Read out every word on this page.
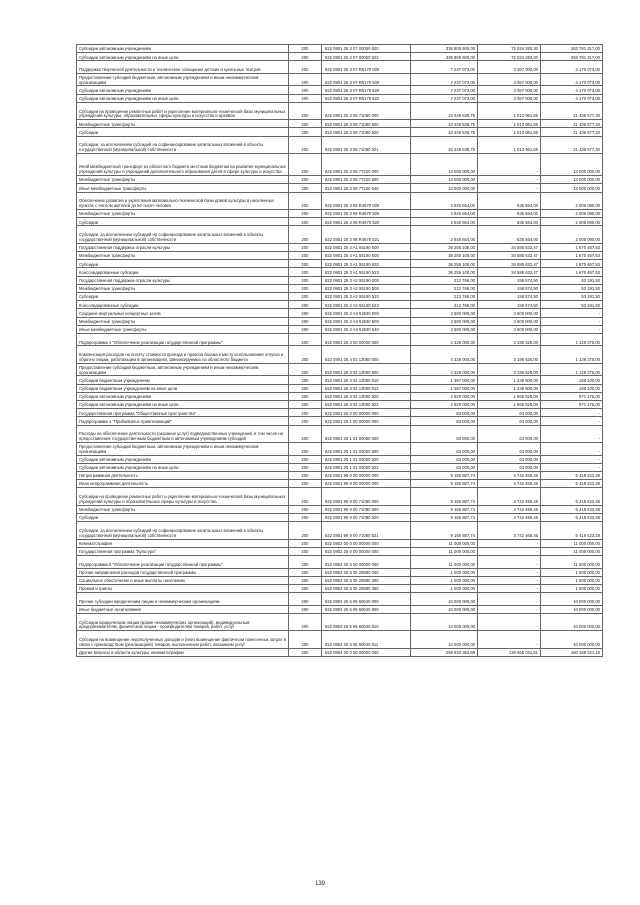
Субсидии автономным учреждениям	200	822 0801 25 3 07 00050 620	336 805 600,00	72 024 283,30	263 781 317,00
Субсидии автономным учреждениям на иные цели	200	822 0801 25 3 07 00050 622	336 805 600,00	72 024 283,30	263 781 317,00
Поддержка творческой деятельности и техническое оснащение детских и кукольных театров	200	822 0801 25 3 07 R5170 000	7 237 073,00	3 067 000,00	4 170 073,00
Предоставление субсидий бюджетным, автономным учреждениям и иным некоммерческим организациям	200	822 0801 25 3 07 R5170 600	7 237 073,00	3 067 000,00	4 170 073,00
Субсидии автономным учреждениям	200	822 0801 25 3 07 R5170 620	7 237 073,00	3 067 000,00	4 170 073,00
Субсидии автономным учреждениям на иные цели	200	822 0801 25 3 07 R5170 622	7 237 073,00	3 067 000,00	4 170 073,00
Субсидии на проведение ремонтных работ и укрепление материально-технической базы муниципальных учреждений культуры, образовательных сферы культуры и искусства и архивов	200	822 0801 25 3 08 71080 000	22 449 538,75	1 013 961,55	21 435 577,20
Межбюджетные трансферты	200	822 0801 25 3 08 71080 500	22 449 538,75	1 013 961,55	21 435 577,20
Субсидии	200	822 0801 25 3 08 71080 520	22 449 538,75	1 013 961,55	21 435 577,20
Субсидии, за исключением субсидий на софинансирование капитальных вложений в объекты государственной (муниципальной) собственности	200	822 0801 25 3 08 71080 521	22 449 538,75	1 013 961,55	21 435 577,20
Иной межбюджетный трансферт из областного бюджета местным бюджетам на развитие муниципальных учреждений культуры и учреждений дополнительного образования детей в сфере культуры и искусства	200	822 0801 25 3 08 77220 000	13 000 000,00	-	13 000 000,00
Межбюджетные трансферты	200	822 0801 25 3 08 77220 500	13 000 000,00	-	13 000 000,00
Иные межбюджетные трансферты	200	822 0801 25 3 08 77220 540	13 000 000,00	-	13 000 000,00
Обеспечение развития и укрепления материально-технической базы домов культуры в населенных пунктах с числом жителей до 50 тысяч человек	200	822 0801 25 3 08 R4670 000	2 640 654,00	635 564,00	2 005 090,00
Межбюджетные трансферты	200	822 0801 25 3 08 R4670 500	2 640 654,00	635 564,00	2 005 090,00
Субсидии	200	822 0801 25 3 08 R4670 520	2 640 654,00	635 564,00	2 005 090,00
Субсидии, за исключением субсидий на софинансирование капитальных вложений в объекты государственной (муниципальной) собственности	200	822 0801 25 3 08 R4670 521	2 640 654,00	635 564,00	2 005 090,00
Государственная поддержка отрасли культуры	200	822 0801 25 3 A1 55190 000	36 255 100,00	34 585 632,47	1 670 467,53
Межбюджетные трансферты	200	822 0801 25 3 A1 55190 500	36 255 100,00	34 585 632,47	1 670 467,53
Субсидии	200	822 0801 25 3 A1 55190 520	36 255 100,00	34 585 632,47	1 670 467,53
Консолидированные субсидии	200	822 0801 25 3 A1 55190 523	36 255 100,00	34 585 632,47	1 670 467,53
Государственная поддержка отрасли культуры	200	822 0801 25 3 A2 55190 000	212 766,00	159 574,50	53 191,50
Межбюджетные трансферты	200	822 0801 25 3 A2 55190 500	212 766,00	159 574,50	53 191,50
Субсидии	200	822 0801 25 3 A2 55190 520	212 766,00	159 574,50	53 191,50
Консолидированные субсидии	200	822 0801 25 3 A2 55190 523	212 766,00	159 574,50	53 191,50
Создание виртуальных концертных залов	200	822 0801 25 3 A3 54530 000	3 500 000,00	3 500 000,00	-
Межбюджетные трансферты	200	822 0801 25 3 A3 54530 500	3 500 000,00	3 500 000,00	-
Иные межбюджетные трансферты	200	822 0801 25 3 A3 54530 540	3 500 000,00	3 500 000,00	-
Подпрограмма 4 "Обеспечение реализации государственной программы"	200	822 0801 25 4 00 00000 000	4 326 000,00	3 196 625,00	1 129 375,00
Компенсация расходов на оплату стоимости проезда и провоза багажа к месту использования отпуска и обратно лицам, работающим в организациях, финансируемых из областного бюджета	200	822 0801 25 4 01 13060 000	4 326 000,00	3 196 625,00	1 129 375,00
Предоставление субсидий бюджетным, автономным учреждениям и иным некоммерческим организациям	200	822 0801 25 4 01 13060 600	4 326 000,00	3 196 625,00	1 129 375,00
Субсидии бюджетным учреждениям	200	822 0801 25 4 01 13060 610	1 397 000,00	1 239 800,00	158 200,00
Субсидии бюджетным учреждениям на иные цели	200	822 0801 25 4 01 13060 612	1 397 000,00	1 239 800,00	158 200,00
Субсидии автономным учреждениям	200	822 0801 25 4 01 13060 620	2 929 000,00	1 956 825,00	971 175,00
Субсидии автономным учреждениям на иные цели	200	822 0801 25 4 01 13060 622	2 929 000,00	1 956 825,00	971 175,00
Государственная программа "Общественные пространства"	200	822 0801 26 0 00 00000 000	63 000,00	63 000,00	-
Подпрограмма 1 "Прибайкалье привлекающий"	200	822 0801 26 1 00 00000 000	63 000,00	63 000,00	-
Расходы на обеспечение деятельности (оказание услуг) подведомственных учреждений, в том числе на предоставление государственным бюджетным и автономным учреждениям субсидий	200	822 0801 26 1 01 00050 000	63 000,00	63 000,00	-
Предоставление субсидий бюджетным, автономным учреждениям и иным некоммерческим организациям	200	822 0801 26 1 01 00050 600	63 000,00	63 000,00	-
Субсидии автономным учреждениям	200	822 0801 26 1 01 00050 620	63 000,00	63 000,00	-
Субсидии автономным учреждениям на иные цели	200	822 0801 26 1 01 00050 622	63 000,00	63 000,00	-
Непрограммная деятельность	200	822 0801 99 0 00 00000 000	9 160 887,74	3 742 465,46	5 418 422,28
Иная непрограммная деятельность	200	822 0801 99 9 00 00000 000	9 160 887,74	3 742 465,46	5 418 422,28
Субсидии на проведение ремонтных работ и укрепление материально-технической базы муниципальных учреждений культуры и образовательных сферы культуры и искусства	200	822 0801 99 9 00 71080 000	9 160 887,74	3 742 465,46	5 418 422,28
Межбюджетные трансферты	200	822 0801 99 9 00 71080 500	9 160 887,74	3 742 465,46	5 418 422,28
Субсидии	200	822 0801 99 9 00 71080 520	9 160 887,74	3 742 465,46	5 418 422,28
Субсидии, за исключением субсидий на софинансирование капитальных вложений в объекты государственной (муниципальной) собственности	200	822 0801 99 9 00 71080 521	9 160 887,74	3 742 465,46	5 418 422,28
Кинематография	200	822 0802 00 0 00 00000 000	11 000 000,00	-	11 000 000,00
Государственная программа "Культура"	200	822 0802 25 0 00 00000 000	11 000 000,00	-	11 000 000,00
Подпрограмма 5 "Обеспечение реализации государственной программы"	200	822 0802 25 5 00 00000 000	11 000 000,00	-	11 000 000,00
Прочие направления расходов государственной программы	200	822 0802 25 5 05 29990 000	1 000 000,00	-	1 000 000,00
Социальное обеспечение и иные выплаты населению	200	822 0802 25 5 05 29990 300	1 000 000,00	-	1 000 000,00
Премии и гранты	200	822 0802 25 5 05 29990 350	1 000 000,00	-	1 000 000,00
Прочие субсидии юридическим лицам и некоммерческим организациям	200	822 0802 25 5 05 60040 000	10 000 000,00	-	10 000 000,00
Иные бюджетные ассигнования	200	822 0802 25 5 05 60040 800	10 000 000,00	-	10 000 000,00
Субсидии юридическим лицам (кроме некоммерческих организаций), индивидуальным предпринимателям, физическим лицам - производителям товаров, работ, услуг	200	822 0802 25 5 05 60040 810	10 000 000,00	-	10 000 000,00
Субсидии на возмещение недополученных доходов и (или) возмещение фактически понесенных затрат в связи с производством (реализацией) товаров, выполнением работ, оказанием услуг	200	822 0802 25 5 05 60040 811	10 000 000,00	-	10 000 000,00
Другие вопросы в области культуры, кинематографии	200	822 0804 00 0 00 00000 000	296 833 352,69	136 665 031,51	160 168 321,18
139
